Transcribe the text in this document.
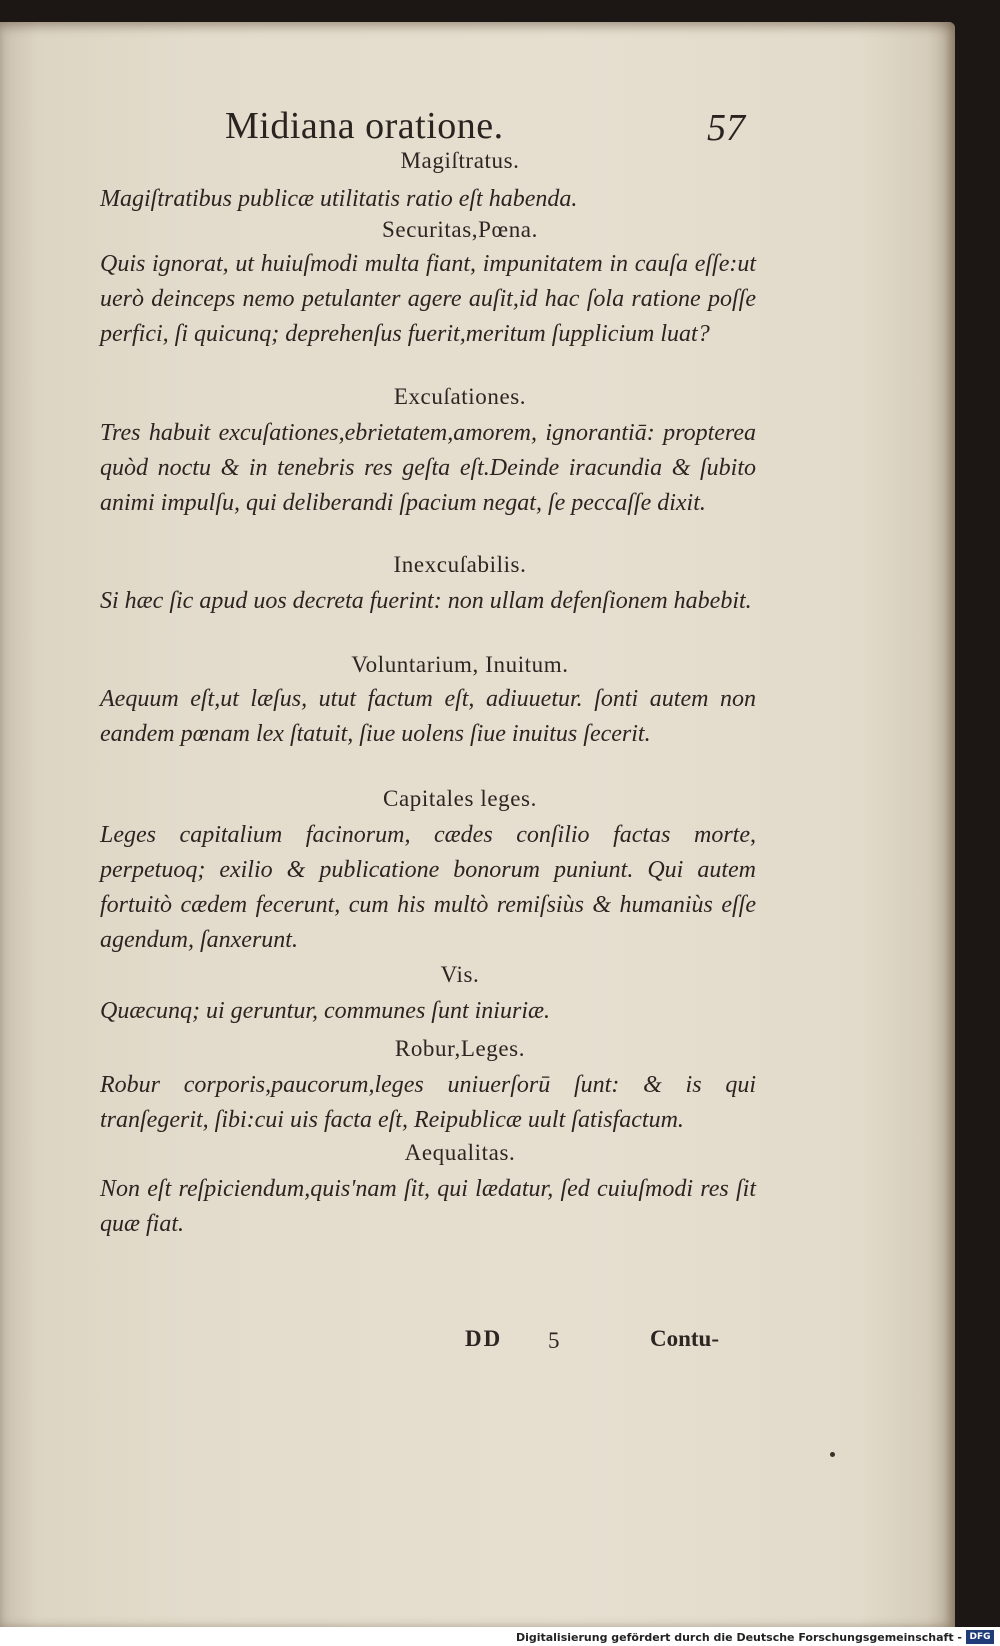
Midiana oratione.	57
Magiſtratus.
Magiſtratibus publicæ utilitatis ratio eſt habenda.
Securitas,Pœna.
Quis ignorat, ut huiuſmodi multa fiant, impunitatem in cauſa eſſe:ut uerò deinceps nemo petulanter agere auſit,id hac ſola ratione poſſe perfici, ſi quicunq; deprehenſus fuerit,meritum ſupplicium luat?
Excuſationes.
Tres habuit excuſationes,ebrietatem,amorem, ignorantiā: propterea quòd noctu & in tenebris res geſta eſt.Deinde iracundia & ſubito animi impulſu, qui deliberandi ſpacium negat, ſe peccaſſe dixit.
Inexcuſabilis.
Si hæc ſic apud uos decreta fuerint: non ullam defenſionem habebit.
Voluntarium, Inuitum.
Aequum eſt,ut læſus, utut factum eſt, adiuuetur. ſonti autem non eandem pœnam lex ſtatuit, ſiue uolens ſiue inuitus ſecerit.
Capitales leges.
Leges capitalium facinorum, cædes conſilio factas morte, perpetuoq; exilio & publicatione bonorum puniunt. Qui autem fortuitò cædem fecerunt, cum his multò remiſsiùs & humaniùs eſſe agendum, ſanxerunt.
Vis.
Quæcunq; ui geruntur, communes ſunt iniuriæ.
Robur,Leges.
Robur corporis,paucorum,leges uniuerſorū ſunt: & is qui tranſegerit, ſibi:cui uis facta eſt, Reipublicæ uult ſatisfactum.
Aequalitas.
Non eſt reſpiciendum,quis'nam ſit, qui lædatur, ſed cuiuſmodi res ſit quæ fiat.
DD 5	Contu-
Digitalisierung gefördert durch die Deutsche Forschungsgemeinschaft - DFG
